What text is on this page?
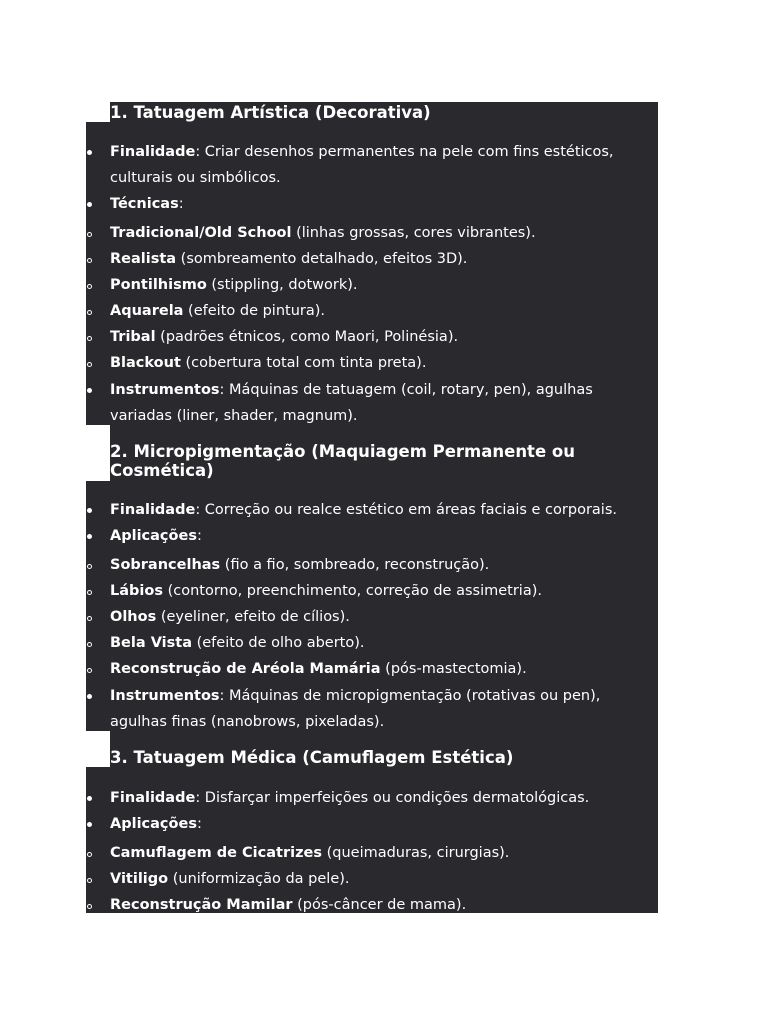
1. Tatuagem Artística (Decorativa)
Finalidade: Criar desenhos permanentes na pele com fins estéticos, culturais ou simbólicos.
Técnicas:
Tradicional/Old School (linhas grossas, cores vibrantes).
Realista (sombreamento detalhado, efeitos 3D).
Pontilhismo (stippling, dotwork).
Aquarela (efeito de pintura).
Tribal (padrões étnicos, como Maori, Polinésia).
Blackout (cobertura total com tinta preta).
Instrumentos: Máquinas de tatuagem (coil, rotary, pen), agulhas variadas (liner, shader, magnum).
2. Micropigmentação (Maquiagem Permanente ou Cosmética)
Finalidade: Correção ou realce estético em áreas faciais e corporais.
Aplicações:
Sobrancelhas (fio a fio, sombreado, reconstrução).
Lábios (contorno, preenchimento, correção de assimetria).
Olhos (eyeliner, efeito de cílios).
Bela Vista (efeito de olho aberto).
Reconstrução de Aréola Mamária (pós-mastectomia).
Instrumentos: Máquinas de micropigmentação (rotativas ou pen), agulhas finas (nanobrows, pixeladas).
3. Tatuagem Médica (Camuflagem Estética)
Finalidade: Disfarçar imperfeições ou condições dermatológicas.
Aplicações:
Camuflagem de Cicatrizes (queimaduras, cirurgias).
Vitiligo (uniformização da pele).
Reconstrução Mamilar (pós-câncer de mama).
